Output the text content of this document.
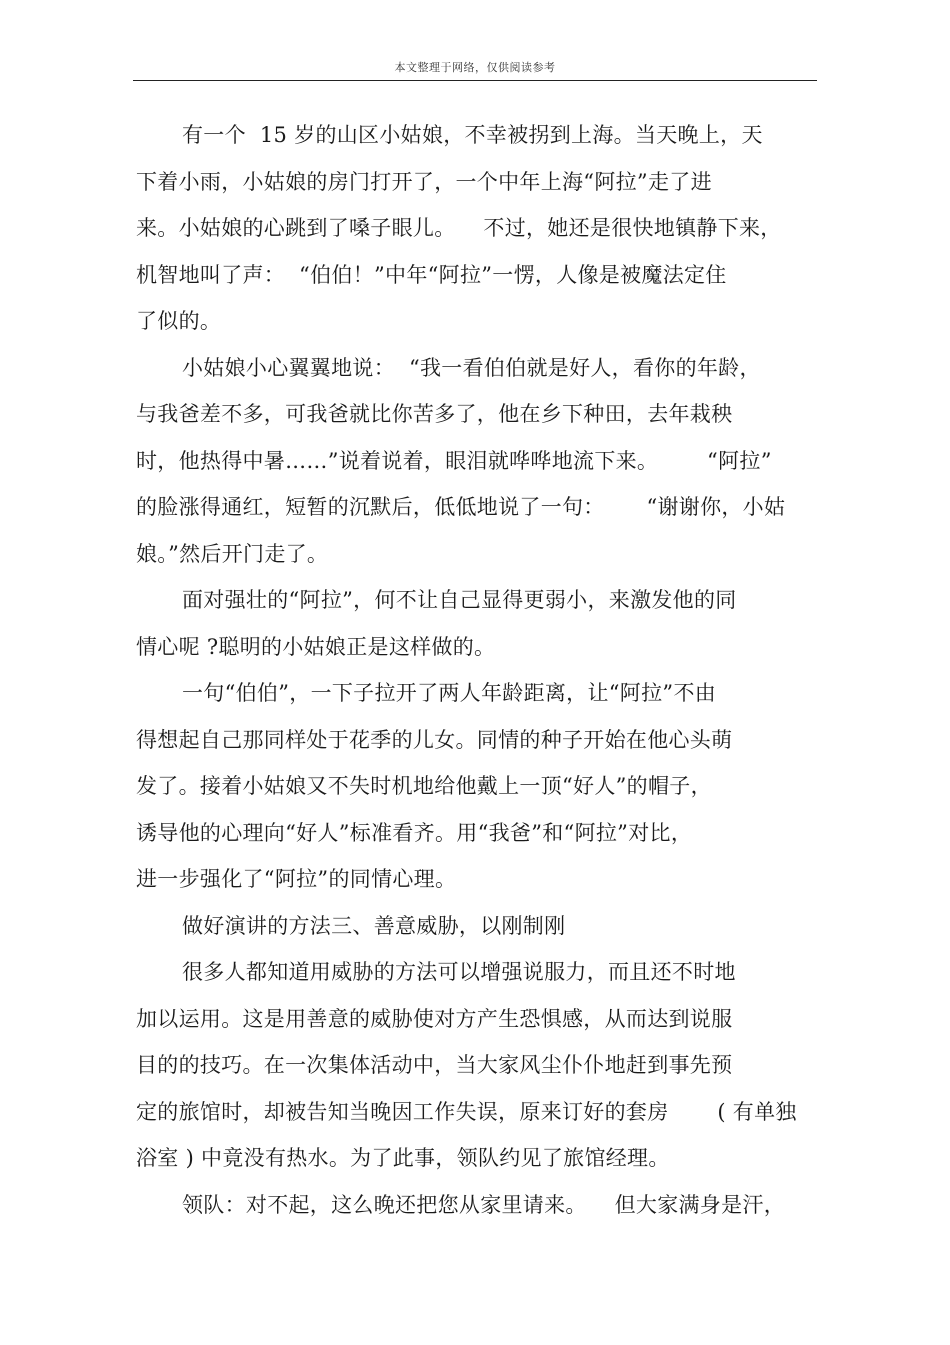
本文整理于网络，仅供阅读参考
有一个  15 岁的山区小姑娘，不幸被拐到上海。当天晚上，天
下着小雨，小姑娘的房门打开了，一个中年上海“阿拉”走了进
来。小姑娘的心跳到了嗓子眼儿。    不过，她还是很快地镇静下来，
机智地叫了声：  “伯伯！”中年“阿拉”一愣，人像是被魔法定住
了似的。
小姑娘小心翼翼地说：  “我一看伯伯就是好人，看你的年龄，
与我爸差不多，可我爸就比你苦多了，他在乡下种田，去年栽秧
时，他热得中暑……”说着说着，眼泪就哗哗地流下来。       “阿拉”
的脸涨得通红，短暂的沉默后，低低地说了一句：      “谢谢你，小姑
娘。”然后开门走了。
面对强壮的“阿拉”，何不让自己显得更弱小，来激发他的同
情心呢 ?聪明的小姑娘正是这样做的。
一句“伯伯”，一下子拉开了两人年龄距离，让“阿拉”不由
得想起自己那同样处于花季的儿女。同情的种子开始在他心头萌
发了。接着小姑娘又不失时机地给他戴上一顶“好人”的帽子，
诱导他的心理向“好人”标准看齐。用“我爸”和“阿拉”对比，
进一步强化了“阿拉”的同情心理。
做好演讲的方法三、善意威胁，以刚制刚
很多人都知道用威胁的方法可以增强说服力，而且还不时地
加以运用。这是用善意的威胁使对方产生恐惧感，从而达到说服
目的的技巧。在一次集体活动中，当大家风尘仆仆地赶到事先预
定的旅馆时，却被告知当晚因工作失误，原来订好的套房       ( 有单独
浴室 ) 中竟没有热水。为了此事，领队约见了旅馆经理。
领队：对不起，这么晚还把您从家里请来。    但大家满身是汗，
